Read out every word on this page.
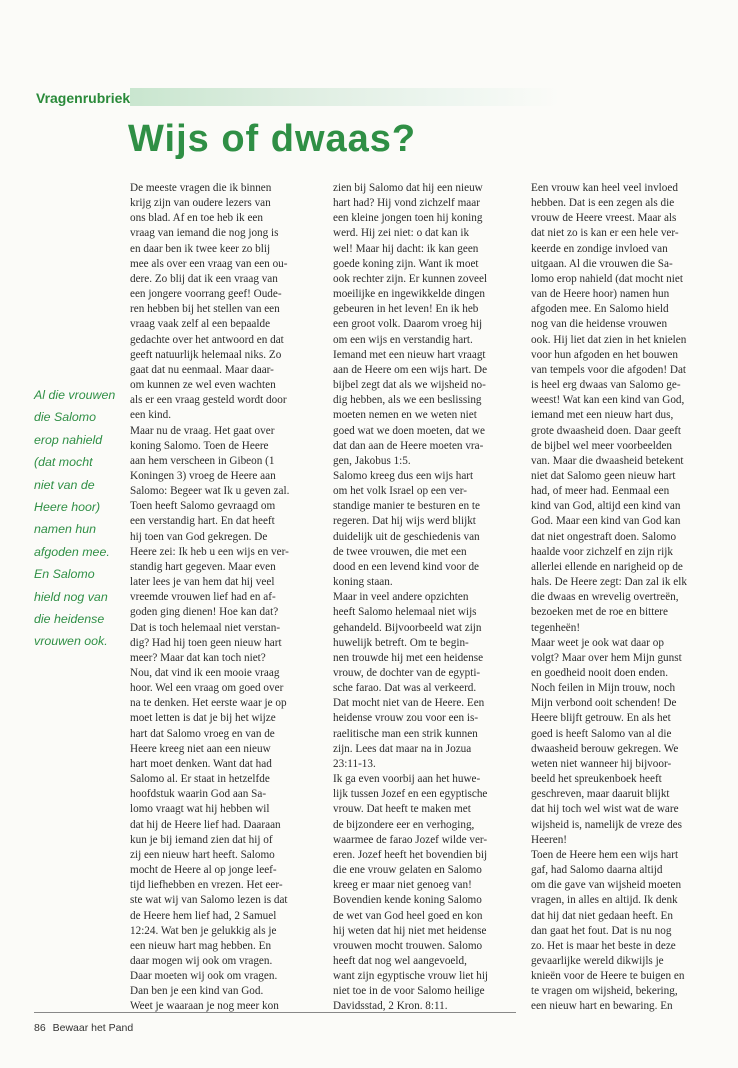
Vragenrubriek
Wijs of dwaas?
Al die vrouwen
die Salomo
erop nahield
(dat mocht
niet van de
Heere hoor)
namen hun
afgoden mee.
En Salomo
hield nog van
die heidense
vrouwen ook.
De meeste vragen die ik binnen
krijg zijn van oudere lezers van
ons blad. Af en toe heb ik een
vraag van iemand die nog jong is
en daar ben ik twee keer zo blij
mee als over een vraag van een ou-
dere. Zo blij dat ik een vraag van
een jongere voorrang geef! Oude-
ren hebben bij het stellen van een
vraag vaak zelf al een bepaalde
gedachte over het antwoord en dat
geeft natuurlijk helemaal niks. Zo
gaat dat nu eenmaal. Maar daar-
om kunnen ze wel even wachten
als er een vraag gesteld wordt door
een kind.
Maar nu de vraag. Het gaat over
koning Salomo. Toen de Heere
aan hem verscheen in Gibeon (1
Koningen 3) vroeg de Heere aan
Salomo: Begeer wat Ik u geven zal.
Toen heeft Salomo gevraagd om
een verstandig hart. En dat heeft
hij toen van God gekregen. De
Heere zei: Ik heb u een wijs en ver-
standig hart gegeven. Maar even
later lees je van hem dat hij veel
vreemde vrouwen lief had en af-
goden ging dienen! Hoe kan dat?
Dat is toch helemaal niet verstan-
dig? Had hij toen geen nieuw hart
meer? Maar dat kan toch niet?
Nou, dat vind ik een mooie vraag
hoor. Wel een vraag om goed over
na te denken. Het eerste waar je op
moet letten is dat je bij het wijze
hart dat Salomo vroeg en van de
Heere kreeg niet aan een nieuw
hart moet denken. Want dat had
Salomo al. Er staat in hetzelfde
hoofdstuk waarin God aan Sa-
lomo vraagt wat hij hebben wil
dat hij de Heere lief had. Daaraan
kun je bij iemand zien dat hij of
zij een nieuw hart heeft. Salomo
mocht de Heere al op jonge leef-
tijd liefhebben en vrezen. Het eer-
ste wat wij van Salomo lezen is dat
de Heere hem lief had, 2 Samuel
12:24. Wat ben je gelukkig als je
een nieuw hart mag hebben. En
daar mogen wij ook om vragen.
Daar moeten wij ook om vragen.
Dan ben je een kind van God.
Weet je waaraan je nog meer kon
zien bij Salomo dat hij een nieuw
hart had? Hij vond zichzelf maar
een kleine jongen toen hij koning
werd. Hij zei niet: o dat kan ik
wel! Maar hij dacht: ik kan geen
goede koning zijn. Want ik moet
ook rechter zijn. Er kunnen zoveel
moeilijke en ingewikkelde dingen
gebeuren in het leven! En ik heb
een groot volk. Daarom vroeg hij
om een wijs en verstandig hart.
Iemand met een nieuw hart vraagt
aan de Heere om een wijs hart. De
bijbel zegt dat als we wijsheid no-
dig hebben, als we een beslissing
moeten nemen en we weten niet
goed wat we doen moeten, dat we
dat dan aan de Heere moeten vra-
gen, Jakobus 1:5.
Salomo kreeg dus een wijs hart
om het volk Israel op een ver-
standige manier te besturen en te
regeren. Dat hij wijs werd blijkt
duidelijk uit de geschiedenis van
de twee vrouwen, die met een
dood en een levend kind voor de
koning staan.
Maar in veel andere opzichten
heeft Salomo helemaal niet wijs
gehandeld. Bijvoorbeeld wat zijn
huwelijk betreft. Om te begin-
nen trouwde hij met een heidense
vrouw, de dochter van de egypti-
sche farao. Dat was al verkeerd.
Dat mocht niet van de Heere. Een
heidense vrouw zou voor een is-
raelitische man een strik kunnen
zijn. Lees dat maar na in Jozua
23:11-13.
Ik ga even voorbij aan het huwe-
lijk tussen Jozef en een egyptische
vrouw. Dat heeft te maken met
de bijzondere eer en verhoging,
waarmee de farao Jozef wilde ver-
eren. Jozef heeft het bovendien bij
die ene vrouw gelaten en Salomo
kreeg er maar niet genoeg van!
Bovendien kende koning Salomo
de wet van God heel goed en kon
hij weten dat hij niet met heidense
vrouwen mocht trouwen. Salomo
heeft dat nog wel aangevoeld,
want zijn egyptische vrouw liet hij
niet toe in de voor Salomo heilige
Davidsstad, 2 Kron. 8:11.
Een vrouw kan heel veel invloed
hebben. Dat is een zegen als die
vrouw de Heere vreest. Maar als
dat niet zo is kan er een hele ver-
keerde en zondige invloed van
uitgaan. Al die vrouwen die Sa-
lomo erop nahield (dat mocht niet
van de Heere hoor) namen hun
afgoden mee. En Salomo hield
nog van die heidense vrouwen
ook. Hij liet dat zien in het knielen
voor hun afgoden en het bouwen
van tempels voor die afgoden! Dat
is heel erg dwaas van Salomo ge-
weest! Wat kan een kind van God,
iemand met een nieuw hart dus,
grote dwaasheid doen. Daar geeft
de bijbel wel meer voorbeelden
van. Maar die dwaasheid betekent
niet dat Salomo geen nieuw hart
had, of meer had. Eenmaal een
kind van God, altijd een kind van
God. Maar een kind van God kan
dat niet ongestraft doen. Salomo
haalde voor zichzelf en zijn rijk
allerlei ellende en narigheid op de
hals. De Heere zegt: Dan zal ik elk
die dwaas en wrevelig overtreën,
bezoeken met de roe en bittere
tegenheën!
Maar weet je ook wat daar op
volgt? Maar over hem Mijn gunst
en goedheid nooit doen enden.
Noch feilen in Mijn trouw, noch
Mijn verbond ooit schenden! De
Heere blijft getrouw. En als het
goed is heeft Salomo van al die
dwaasheid berouw gekregen. We
weten niet wanneer hij bijvoor-
beeld het spreukenboek heeft
geschreven, maar daaruit blijkt
dat hij toch wel wist wat de ware
wijsheid is, namelijk de vreze des
Heeren!
Toen de Heere hem een wijs hart
gaf, had Salomo daarna altijd
om die gave van wijsheid moeten
vragen, in alles en altijd. Ik denk
dat hij dat niet gedaan heeft. En
dan gaat het fout. Dat is nu nog
zo. Het is maar het beste in deze
gevaarlijke wereld dikwijls je
knieën voor de Heere te buigen en
te vragen om wijsheid, bekering,
een nieuw hart en bewaring. En
86 Bewaar het Pand
